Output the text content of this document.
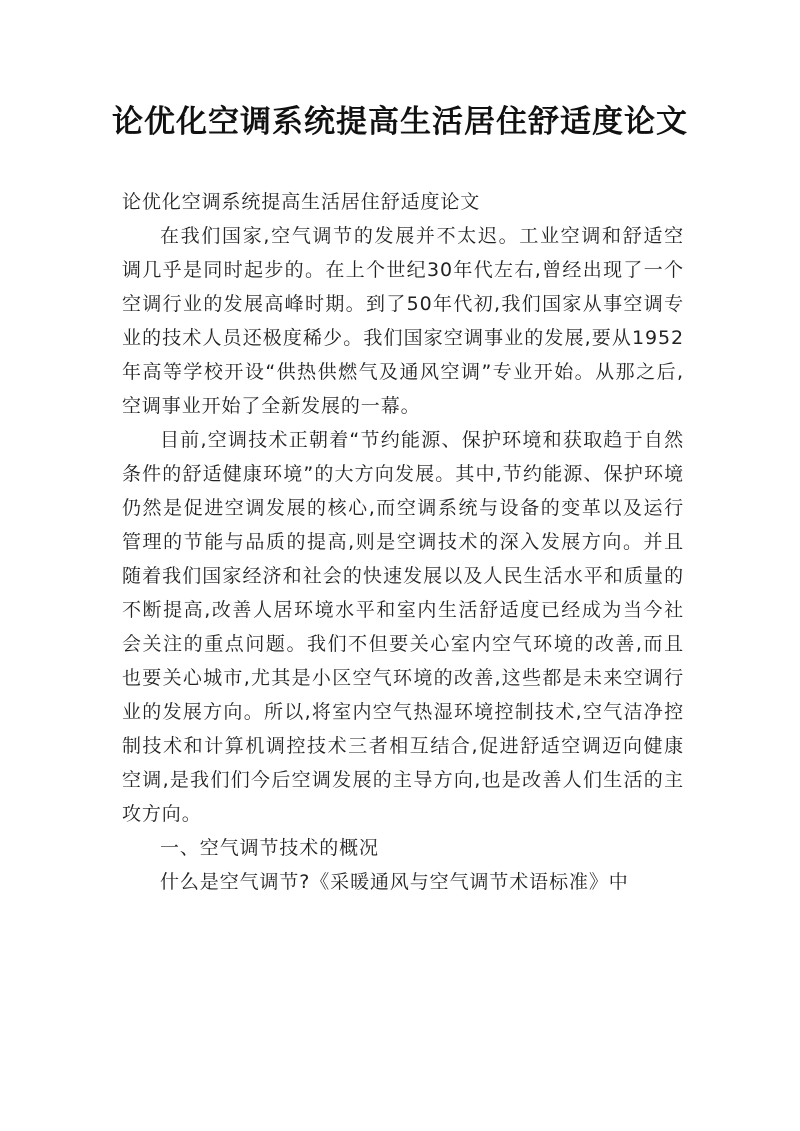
论优化空调系统提高生活居住舒适度论文

论优化空调系统提高生活居住舒适度论文

在我们国家,空气调节的发展并不太迟。工业空调和舒适空调几乎是同时起步的。在上个世纪30年代左右,曾经出现了一个空调行业的发展高峰时期。到了50年代初,我们国家从事空调专业的技术人员还极度稀少。我们国家空调事业的发展,要从1952年高等学校开设“供热供燃气及通风空调”专业开始。从那之后,空调事业开始了全新发展的一幕。

目前,空调技术正朝着“节约能源、保护环境和获取趋于自然条件的舒适健康环境”的大方向发展。其中,节约能源、保护环境仍然是促进空调发展的核心,而空调系统与设备的变革以及运行管理的节能与品质的提高,则是空调技术的深入发展方向。并且随着我们国家经济和社会的快速发展以及人民生活水平和质量的不断提高,改善人居环境水平和室内生活舒适度已经成为当今社会关注的重点问题。我们不但要关心室内空气环境的改善,而且也要关心城市,尤其是小区空气环境的改善,这些都是未来空调行业的发展方向。所以,将室内空气热湿环境控制技术,空气洁净控制技术和计算机调控技术三者相互结合,促进舒适空调迈向健康空调,是我们们今后空调发展的主导方向,也是改善人们生活的主攻方向。

一、空气调节技术的概况

什么是空气调节?《采暖通风与空气调节术语标准》中
